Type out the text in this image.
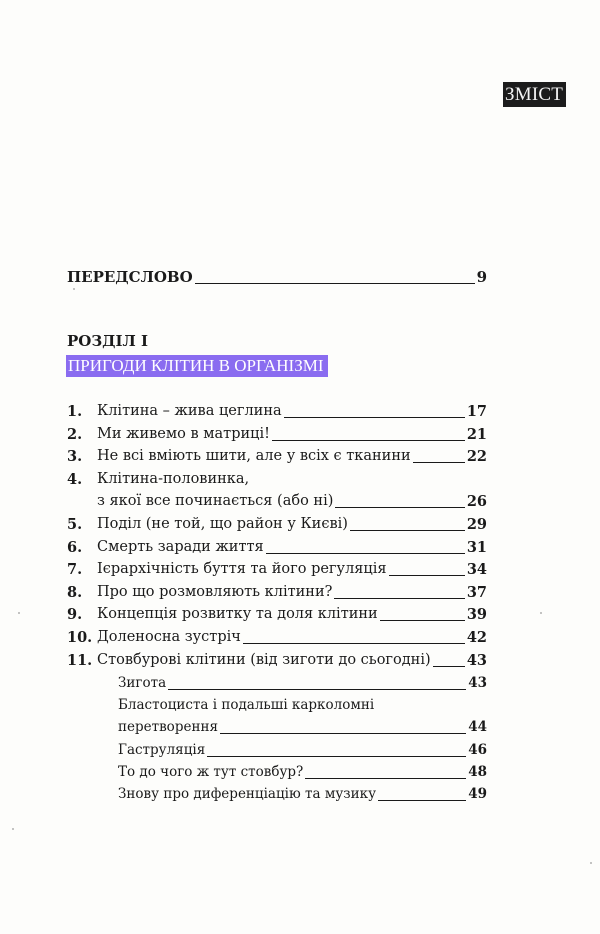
ЗМІСТ
ПЕРЕДСЛОВО	9
РОЗДІЛ І
ПРИГОДИ КЛІТИН В ОРГАНІЗМІ
1.	Клітина – жива цеглина	17
2.	Ми живемо в матриці!	21
3.	Не всі вміють шити, але у всіх є тканини	22
4.	Клітина-половинка,
з якої все починається (або ні)	26
5.	Поділ (не той, що район у Києві)	29
6.	Смерть заради життя	31
7.	Ієрархічність буття та його регуляція	34
8.	Про що розмовляють клітини?	37
9.	Концепція розвитку та доля клітини	39
10. Доленосна зустріч	42
11. Стовбурові клітини (від зиготи до сьогодні) 43
Зигота	43
Бластоциста і подальші карколомні
перетворення	44
Гаструляція	46
То до чого ж тут стовбур?	48
Знову про диференціацію та музику	49
